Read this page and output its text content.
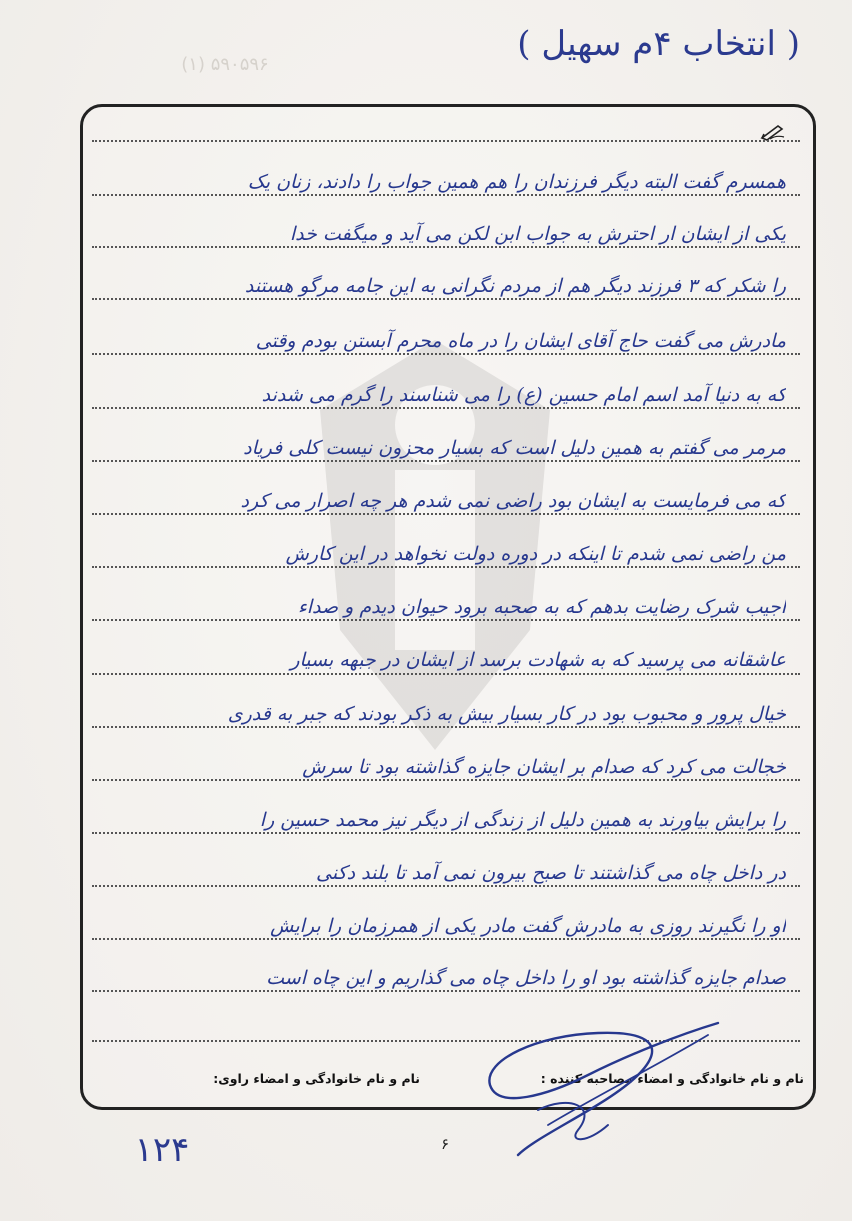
(۱) ۵۹۰۵۹۶
( انتخاب ۴م سهیل )
همسرم گفت البته دیگر فرزندان را هم همین جواب را دادند، زنان یک
یکی از ایشان ار احترش به جواب ابن لکن می آید و میگفت خدا
را شکر که ۳ فرزند دیگر هم از مردم نگرانی به این جامه مرگو هستند
مادرش می گفت حاج آقای ایشان را در ماه محرم آبستن بودم وقتی
که به دنیا آمد اسم امام حسین (ع) را می شناسند را گرم می شدند
مرمر می گفتم به همین دلیل است که بسیار محزون نیست کلی فریاد
که می فرمایست به ایشان بود راضی نمی شدم هر چه اصرار می کرد
من راضی نمی شدم تا اینکه در دوره دولت نخواهد در این کارش
اجیب شرک رضایت بدهم که به صحبه برود حیوان دیدم و صداء
عاشقانه می پرسید که به شهادت برسد از ایشان در جبهه بسیار
خیال پرور و محبوب بود در کار بسیار بیش به ذکر بودند که جبر به قدری
خجالت می کرد که صدام بر ایشان جایزه گذاشته بود تا سرش
را برایش بیاورند به همین دلیل از زندگی از دیگر نیز محمد حسین را
در داخل چاه می گذاشتند تا صبح بیرون نمی آمد تا بلند دکنی
او را نگیرند روزی به مادرش گفت مادر یکی از همرزمان را برایش
صدام جایزه گذاشته بود او را داخل چاه می گذاریم و این چاه است
نام و نام خانوادگی و امضاء مصاحبه کننده :
نام و نام خانوادگی و امضاء راوی:
۶
۱۲۴
